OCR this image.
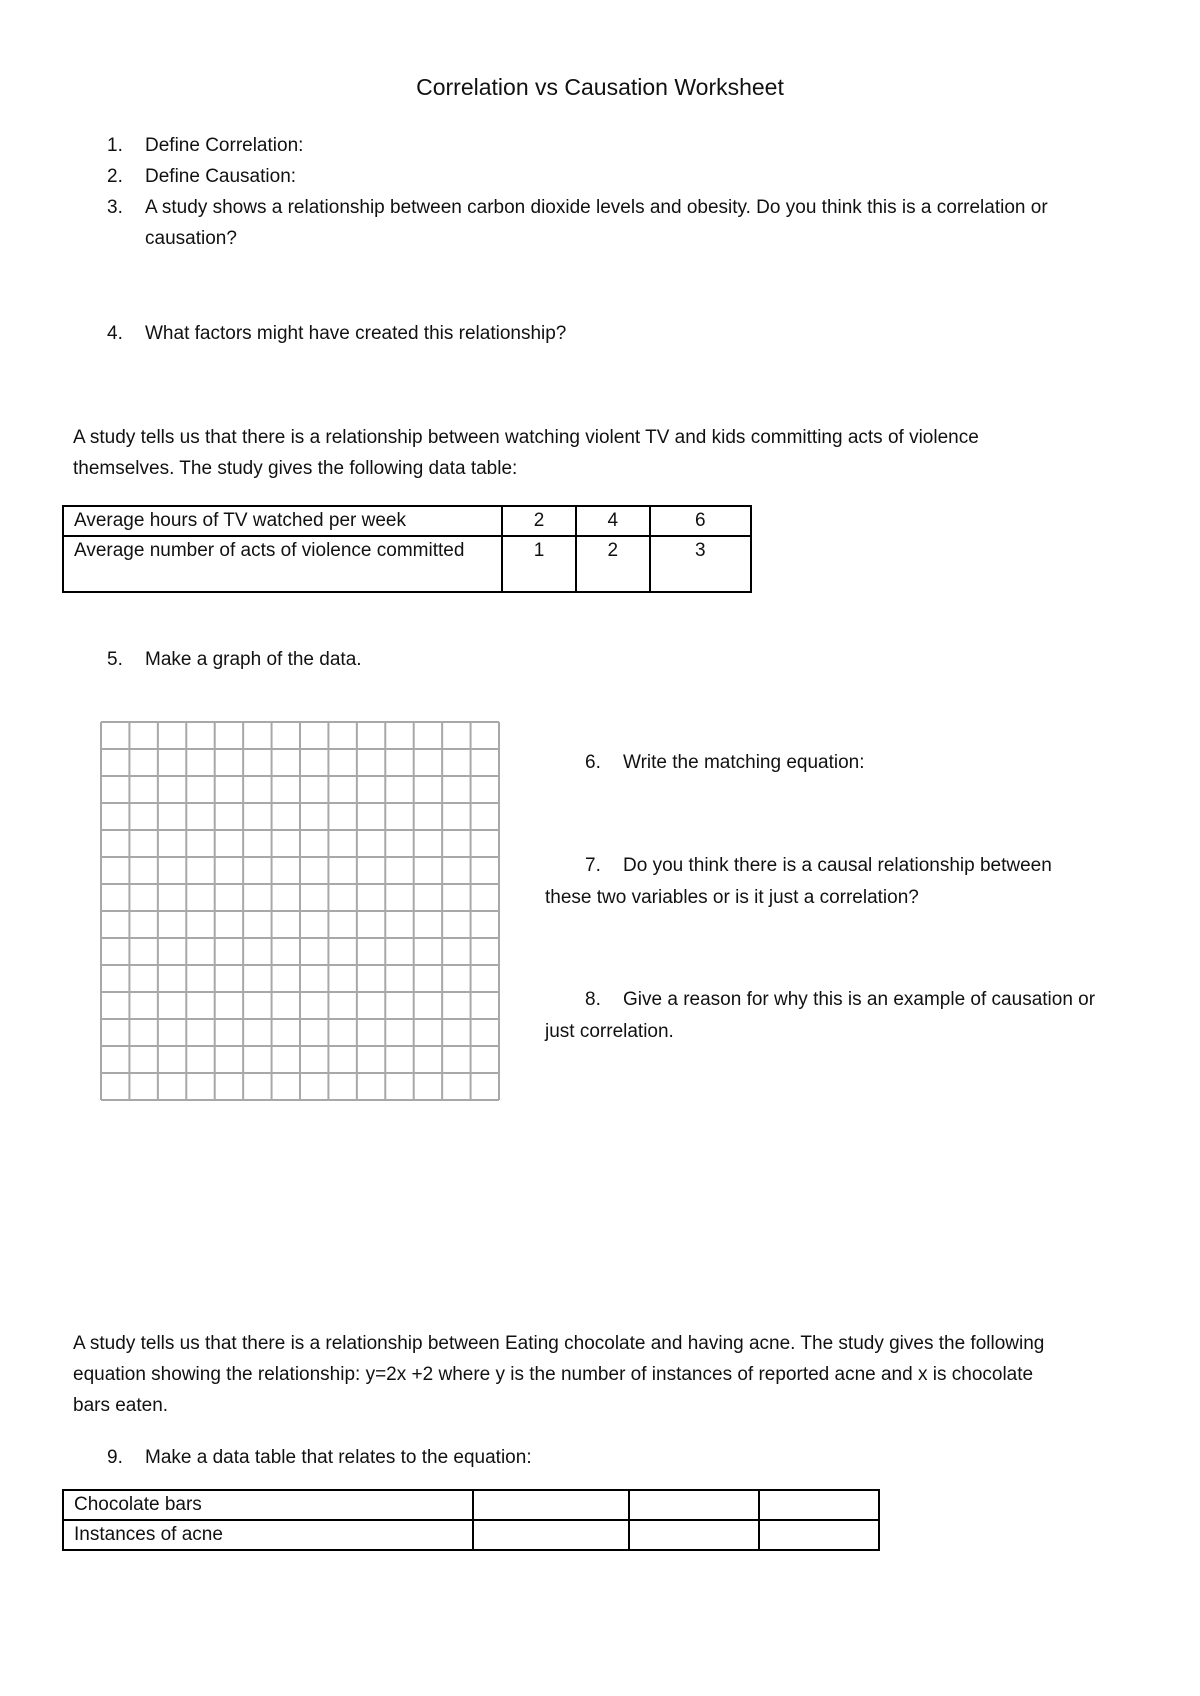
Correlation vs Causation Worksheet
1. Define Correlation:
2. Define Causation:
3. A study shows a relationship between carbon dioxide levels and obesity. Do you think this is a correlation or
causation?
4. What factors might have created this relationship?
A study tells us that there is a relationship between watching violent TV and kids committing acts of violence
themselves. The study gives the following data table:
Average hours of TV watched per week	2	4	6
Average number of acts of violence committed	1	2	3
5. Make a graph of the data.
6. Write the matching equation:
7. Do you think there is a causal relationship between
these two variables or is it just a correlation?
8. Give a reason for why this is an example of causation or
just correlation.
A study tells us that there is a relationship between Eating chocolate and having acne. The study gives the following
equation showing the relationship: y=2x +2 where y is the number of instances of reported acne and x is chocolate
bars eaten.
9. Make a data table that relates to the equation:
Chocolate bars			
Instances of acne			
